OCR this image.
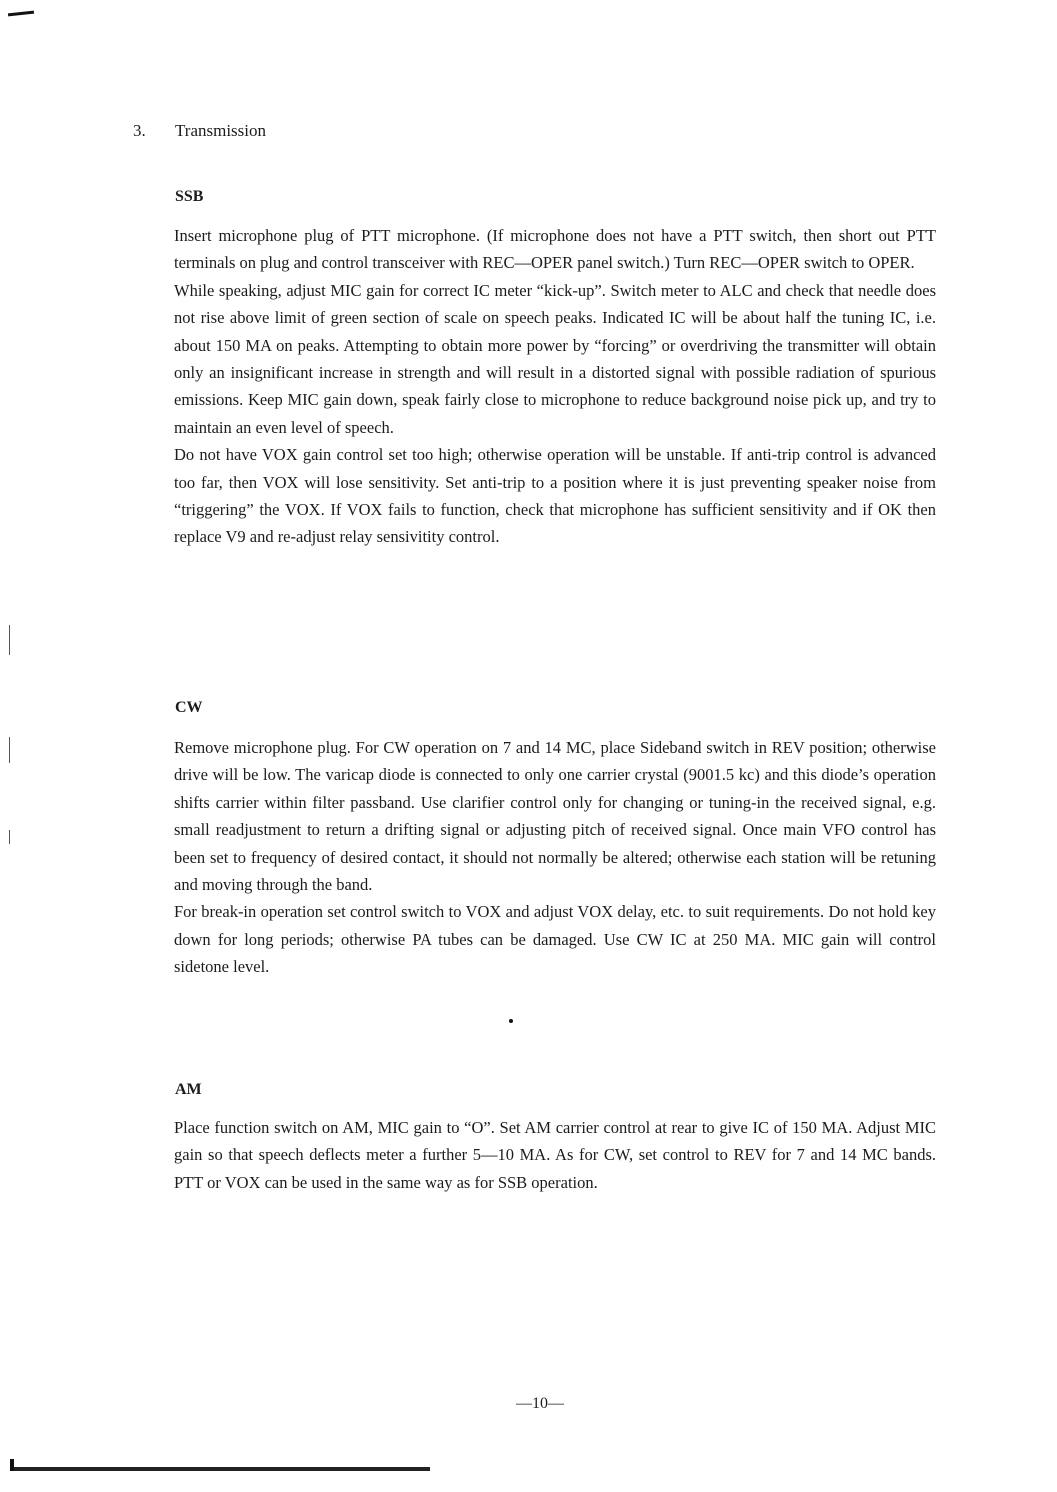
3. Transmission
SSB

Insert microphone plug of PTT microphone. (If microphone does not have a PTT switch, then short out PTT terminals on plug and control transceiver with REC—OPER panel switch.) Turn REC—OPER switch to OPER.

While speaking, adjust MIC gain for correct IC meter “kick-up”. Switch meter to ALC and check that needle does not rise above limit of green section of scale on speech peaks. Indicated IC will be about half the tuning IC, i.e. about 150 MA on peaks. Attempting to obtain more power by “forcing” or overdriving the transmitter will obtain only an insignificant increase in strength and will result in a distorted signal with possible radiation of spurious emissions. Keep MIC gain down, speak fairly close to microphone to reduce background noise pick up, and try to maintain an even level of speech.

Do not have VOX gain control set too high; otherwise operation will be unstable. If anti-trip control is advanced too far, then VOX will lose sensitivity. Set anti-trip to a position where it is just preventing speaker noise from “triggering” the VOX. If VOX fails to function, check that microphone has sufficient sensitivity and if OK then replace V9 and re-adjust relay sensivitity control.

CW

Remove microphone plug. For CW operation on 7 and 14 MC, place Sideband switch in REV position; otherwise drive will be low. The varicap diode is connected to only one carrier crystal (9001.5 kc) and this diode’s operation shifts carrier within filter passband. Use clarifier control only for changing or tuning-in the received signal, e.g. small readjustment to return a drifting signal or adjusting pitch of received signal. Once main VFO control has been set to frequency of desired contact, it should not normally be altered; otherwise each station will be retuning and moving through the band.

For break-in operation set control switch to VOX and adjust VOX delay, etc. to suit requirements. Do not hold key down for long periods; otherwise PA tubes can be damaged. Use CW IC at 250 MA. MIC gain will control sidetone level.

AM

Place function switch on AM, MIC gain to “O”. Set AM carrier control at rear to give IC of 150 MA. Adjust MIC gain so that speech deflects meter a further 5—10 MA. As for CW, set control to REV for 7 and 14 MC bands. PTT or VOX can be used in the same way as for SSB operation.

—10—
